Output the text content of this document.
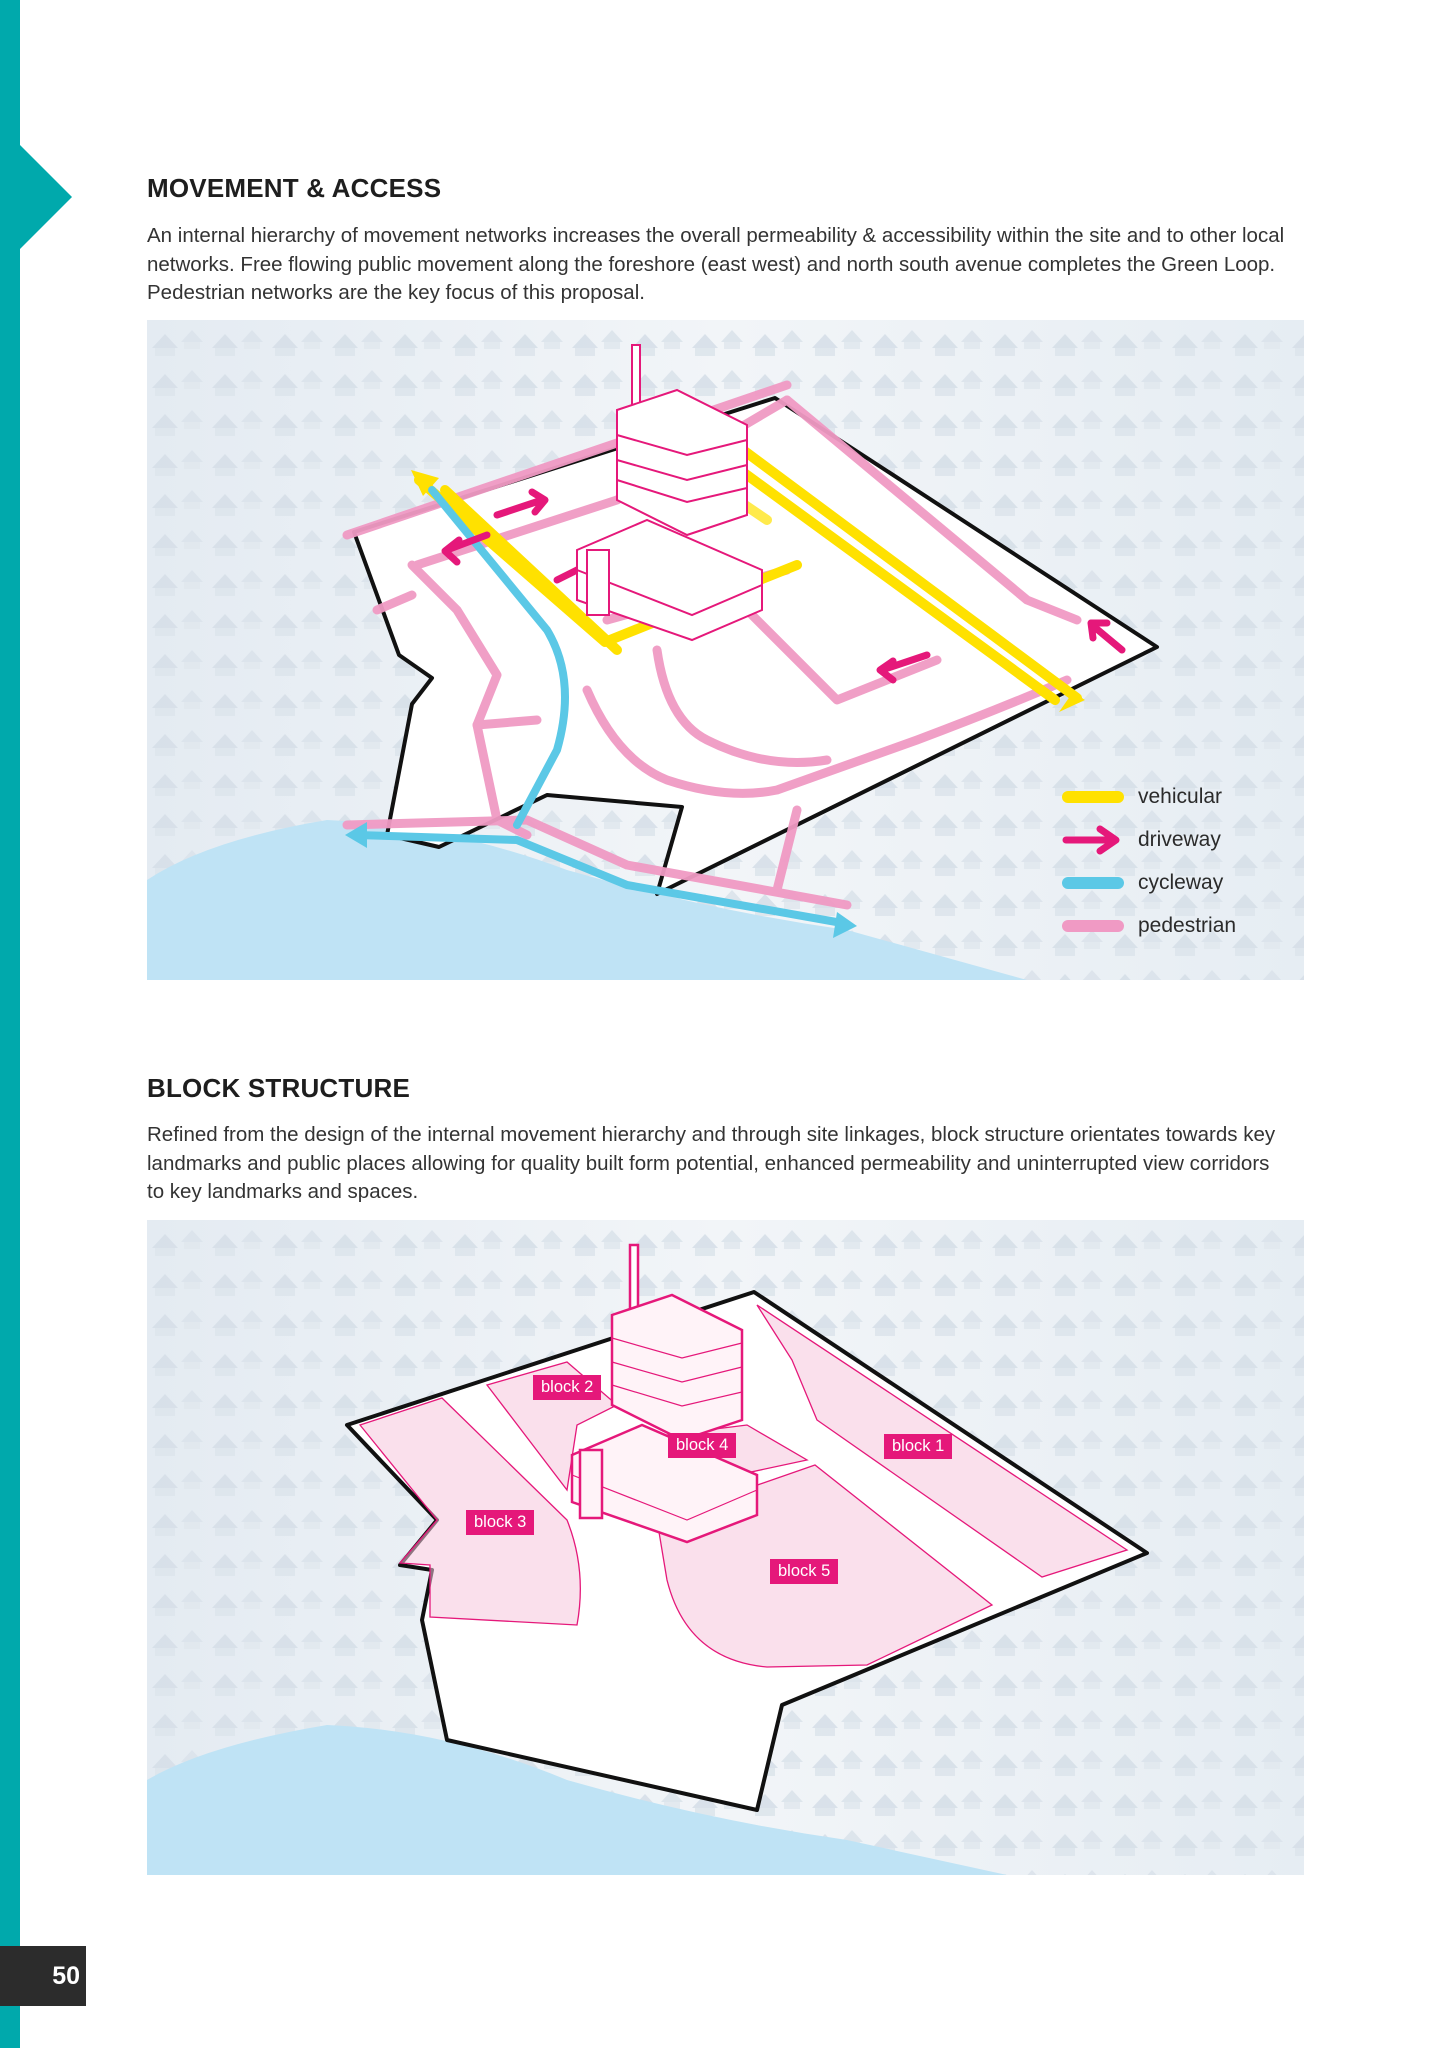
MOVEMENT & ACCESS

An internal hierarchy of movement networks increases the overall permeability & accessibility within the site and to other local networks. Free flowing public movement along the foreshore (east west) and north south avenue completes the Green Loop. Pedestrian networks are the key focus of this proposal.

vehicular
driveway
cycleway
pedestrian
BLOCK STRUCTURE

Refined from the design of the internal movement hierarchy and through site linkages, block structure orientates towards key landmarks and public places allowing for quality built form potential, enhanced permeability and uninterrupted view corridors to key landmarks and spaces.

block 2
block 4	block 1
block 3
block 5
50
